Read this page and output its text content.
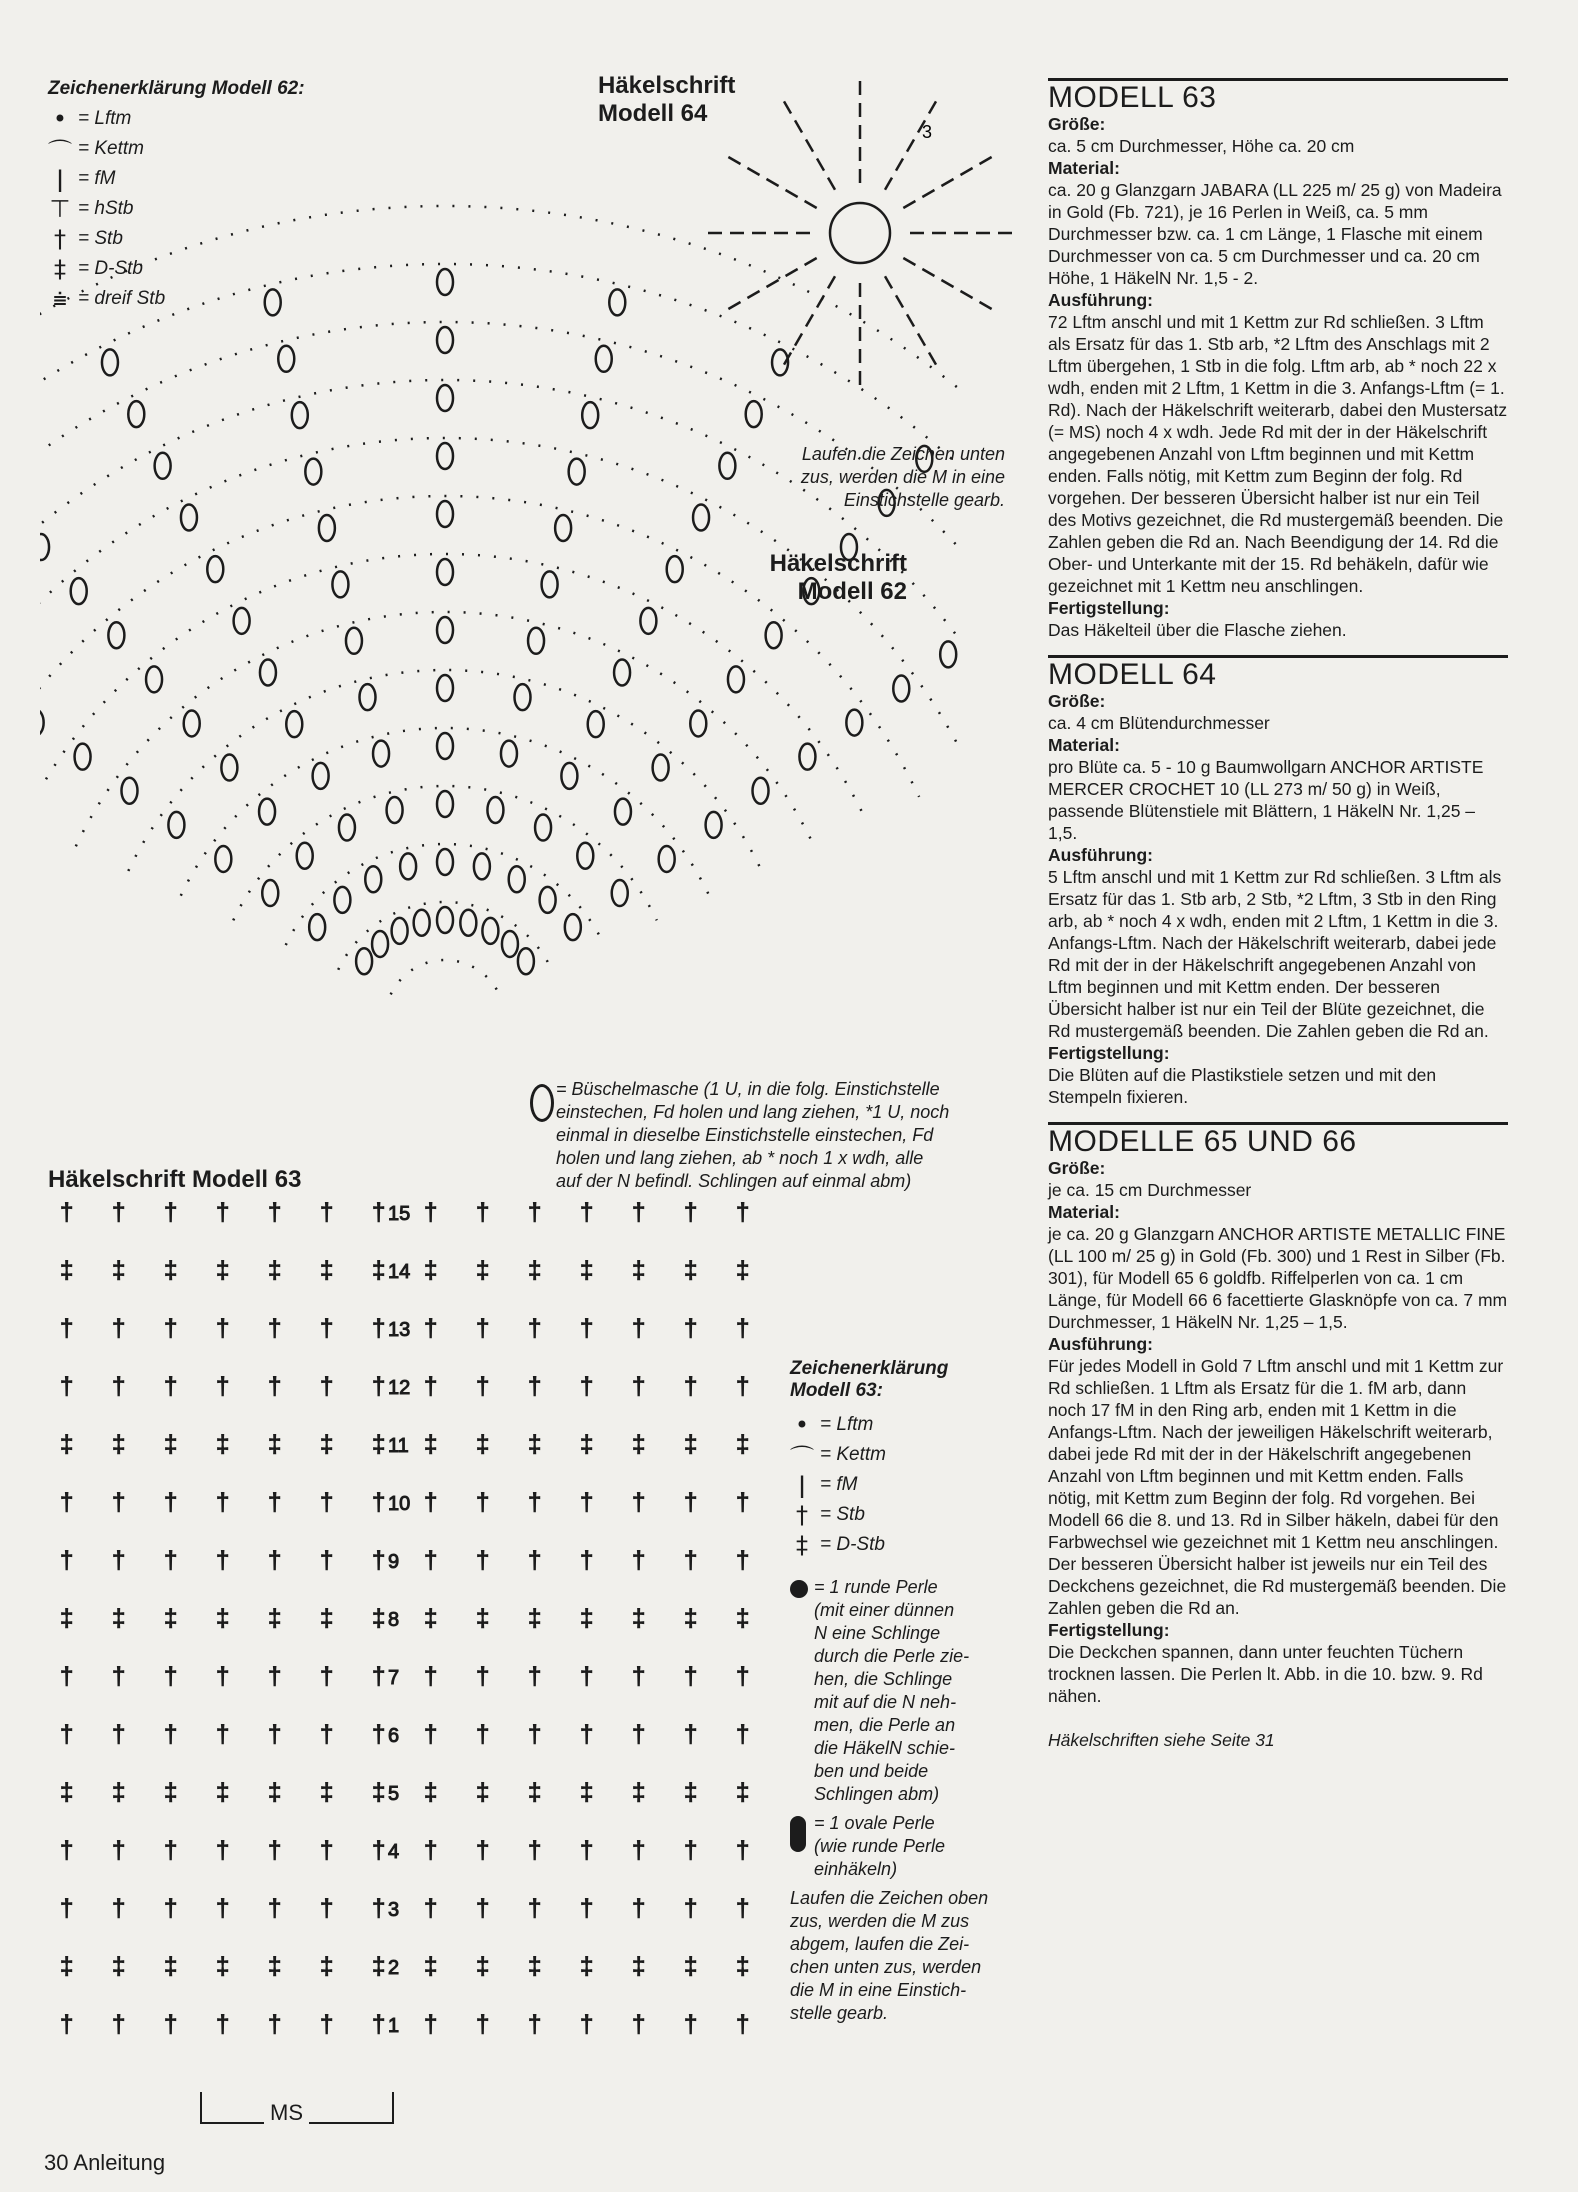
Zeichenerklärung Modell 62:
• = Lftm
⌒ = Kettm
ǀ = fM
⊤ = hStb
† = Stb
‡ = D-Stb
⩧ = dreif Stb
Häkelschrift
Modell 64
Laufen die Zeichen unten
zus, werden die M in eine
Einstichstelle gearb.
3
Häkelschrift
Modell 62
= Büschelmasche (1 U, in die folg. Einstichstelle
einstechen, Fd holen und lang ziehen, *1 U, noch
einmal in dieselbe Einstichstelle einstechen, Fd
holen und lang ziehen, ab * noch 1 x wdh, alle
auf der N befindl. Schlingen auf einmal abm)
Häkelschrift Modell 63
† † † † † † † † † † † † † †
15
‡ ‡ ‡ ‡ ‡ ‡ ‡ ‡ ‡ ‡ ‡ ‡ ‡ ‡
14
† † † † † † † † † † † † † †
13
† † † † † † † † † † † † † †
12
‡ ‡ ‡ ‡ ‡ ‡ ‡ ‡ ‡ ‡ ‡ ‡ ‡ ‡
11
† † † † † † † † † † † † † †
10
† † † † † † † † † † † † † †
9
‡ ‡ ‡ ‡ ‡ ‡ ‡ ‡ ‡ ‡ ‡ ‡ ‡ ‡
8
† † † † † † † † † † † † † †
7
† † † † † † † † † † † † † †
6
‡ ‡ ‡ ‡ ‡ ‡ ‡ ‡ ‡ ‡ ‡ ‡ ‡ ‡
5
† † † † † † † † † † † † † †
4
† † † † † † † † † † † † † †
3
‡ ‡ ‡ ‡ ‡ ‡ ‡ ‡ ‡ ‡ ‡ ‡ ‡ ‡
2
† † † † † † † † † † † † † †
1
MS
Zeichenerklärung
Modell 63:
• = Lftm
⌒ = Kettm
ǀ = fM
† = Stb
‡ = D-Stb
= 1 runde Perle
(mit einer dünnen
N eine Schlinge
durch die Perle zie-
hen, die Schlinge
mit auf die N neh-
men, die Perle an
die HäkelN schie-
ben und beide
Schlingen abm)
= 1 ovale Perle
(wie runde Perle
einhäkeln)
Laufen die Zeichen oben
zus, werden die M zus
abgem, laufen die Zei-
chen unten zus, werden
die M in eine Einstich-
stelle gearb.
MODELL 63
Größe:

ca. 5 cm Durchmesser, Höhe ca. 20 cm

Material:

ca. 20 g Glanzgarn JABARA (LL 225 m/ 25 g) von Madeira in Gold (Fb. 721), je 16 Perlen in Weiß, ca. 5 mm Durchmesser bzw. ca. 1 cm Länge, 1 Flasche mit einem Durchmesser von ca. 5 cm Durchmesser und ca. 20 cm Höhe, 1 HäkelN Nr. 1,5 - 2.

Ausführung:

72 Lftm anschl und mit 1 Kettm zur Rd schließen. 3 Lftm als Ersatz für das 1. Stb arb, *2 Lftm des Anschlags mit 2 Lftm übergehen, 1 Stb in die folg. Lftm arb, ab * noch 22 x wdh, enden mit 2 Lftm, 1 Kettm in die 3. Anfangs-Lftm (= 1. Rd). Nach der Häkelschrift weiterarb, dabei den Mustersatz (= MS) noch 4 x wdh. Jede Rd mit der in der Häkelschrift angegebenen Anzahl von Lftm beginnen und mit Kettm enden. Falls nötig, mit Kettm zum Beginn der folg. Rd vorgehen. Der besseren Übersicht halber ist nur ein Teil des Motivs gezeichnet, die Rd mustergemäß beenden. Die Zahlen geben die Rd an. Nach Beendigung der 14. Rd die Ober- und Unterkante mit der 15. Rd behäkeln, dafür wie gezeichnet mit 1 Kettm neu anschlingen.

Fertigstellung:

Das Häkelteil über die Flasche ziehen.

MODELL 64
Größe:

ca. 4 cm Blütendurchmesser

Material:

pro Blüte ca. 5 - 10 g Baumwollgarn ANCHOR ARTISTE MERCER CROCHET 10 (LL 273 m/ 50 g) in Weiß, passende Blütenstiele mit Blättern, 1 HäkelN Nr. 1,25 – 1,5.

Ausführung:

5 Lftm anschl und mit 1 Kettm zur Rd schließen. 3 Lftm als Ersatz für das 1. Stb arb, 2 Stb, *2 Lftm, 3 Stb in den Ring arb, ab * noch 4 x wdh, enden mit 2 Lftm, 1 Kettm in die 3. Anfangs-Lftm. Nach der Häkelschrift weiterarb, dabei jede Rd mit der in der Häkelschrift angegebenen Anzahl von Lftm beginnen und mit Kettm enden. Der besseren Übersicht halber ist nur ein Teil der Blüte gezeichnet, die Rd mustergemäß beenden. Die Zahlen geben die Rd an.

Fertigstellung:

Die Blüten auf die Plastikstiele setzen und mit den Stempeln fixieren.

MODELLE 65 UND 66
Größe:

je ca. 15 cm Durchmesser

Material:

je ca. 20 g Glanzgarn ANCHOR ARTISTE METALLIC FINE (LL 100 m/ 25 g) in Gold (Fb. 300) und 1 Rest in Silber (Fb. 301), für Modell 65 6 goldfb. Riffelperlen von ca. 1 cm Länge, für Modell 66 6 facettierte Glasknöpfe von ca. 7 mm Durchmesser, 1 HäkelN Nr. 1,25 – 1,5.

Ausführung:

Für jedes Modell in Gold 7 Lftm anschl und mit 1 Kettm zur Rd schließen. 1 Lftm als Ersatz für die 1. fM arb, dann noch 17 fM in den Ring arb, enden mit 1 Kettm in die Anfangs-Lftm. Nach der jeweiligen Häkelschrift weiterarb, dabei jede Rd mit der in der Häkelschrift angegebenen Anzahl von Lftm beginnen und mit Kettm enden. Falls nötig, mit Kettm zum Beginn der folg. Rd vorgehen. Bei Modell 66 die 8. und 13. Rd in Silber häkeln, dabei für den Farbwechsel wie gezeichnet mit 1 Kettm neu anschlingen. Der besseren Übersicht halber ist jeweils nur ein Teil des Deckchens gezeichnet, die Rd mustergemäß beenden. Die Zahlen geben die Rd an.

Fertigstellung:

Die Deckchen spannen, dann unter feuchten Tüchern trocknen lassen. Die Perlen lt. Abb. in die 10. bzw. 9. Rd nähen.

Häkelschriften siehe Seite 31

30 Anleitung
